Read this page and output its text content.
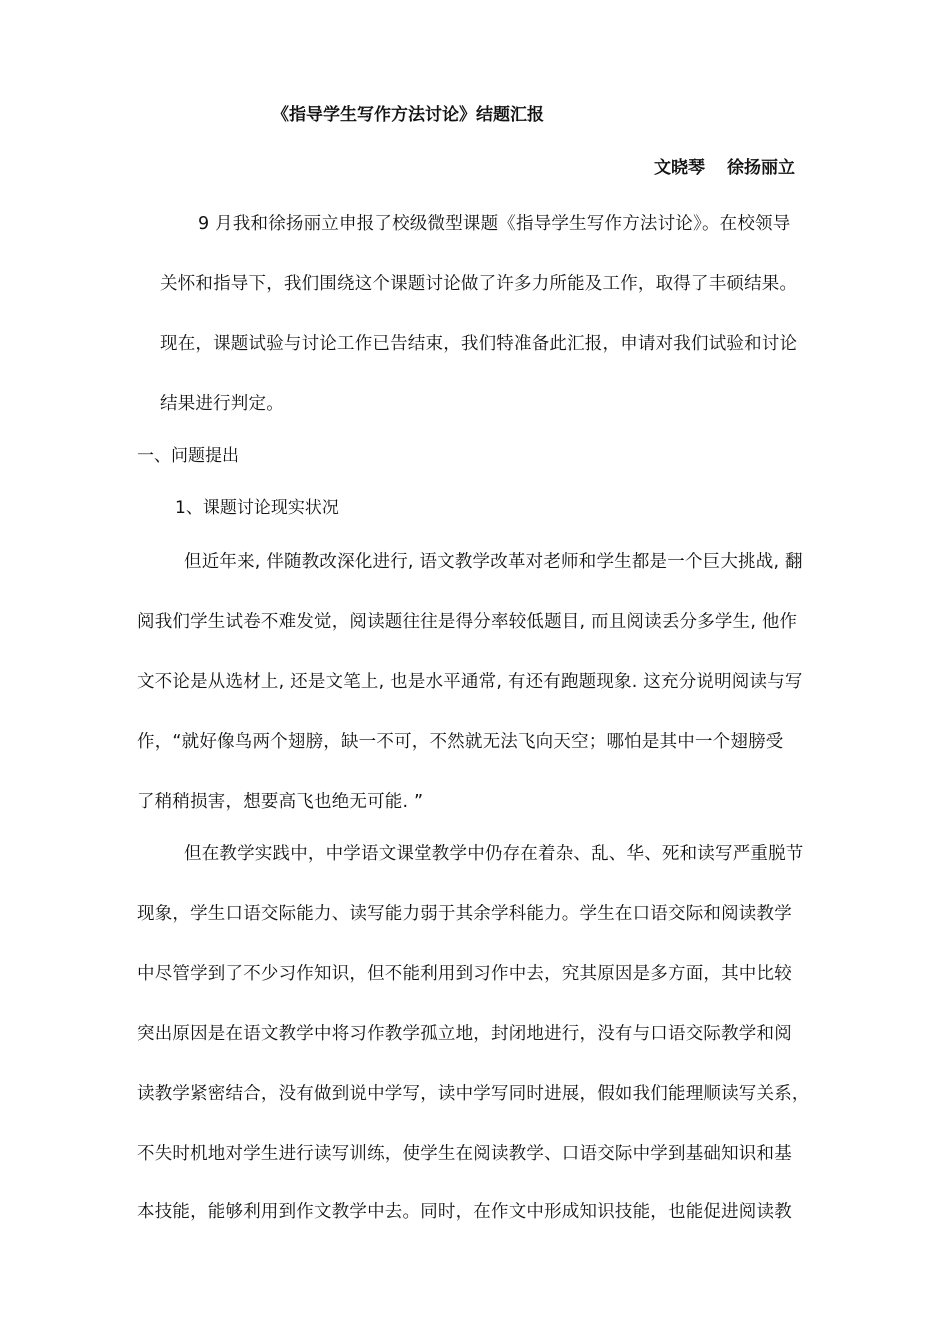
《指导学生写作方法讨论》结题汇报
文晓琴 徐扬丽立
9 月我和徐扬丽立申报了校级微型课题《指导学生写作方法讨论》。在校领导
关怀和指导下，我们围绕这个课题讨论做了许多力所能及工作，取得了丰硕结果。
现在，课题试验与讨论工作已告结束，我们特准备此汇报，申请对我们试验和讨论
结果进行判定。
一、问题提出
1、课题讨论现实状况
但近年来, 伴随教改深化进行, 语文教学改革对老师和学生都是一个巨大挑战, 翻
阅我们学生试卷不难发觉，阅读题往往是得分率较低题目, 而且阅读丢分多学生, 他作
文不论是从选材上, 还是文笔上, 也是水平通常, 有还有跑题现象. 这充分说明阅读与写
作，“就好像鸟两个翅膀，缺一不可，不然就无法飞向天空；哪怕是其中一个翅膀受
了稍稍损害，想要高飞也绝无可能. ”
但在教学实践中，中学语文课堂教学中仍存在着杂、乱、华、死和读写严重脱节
现象，学生口语交际能力、读写能力弱于其余学科能力。学生在口语交际和阅读教学
中尽管学到了不少习作知识，但不能利用到习作中去，究其原因是多方面，其中比较
突出原因是在语文教学中将习作教学孤立地，封闭地进行，没有与口语交际教学和阅
读教学紧密结合，没有做到说中学写，读中学写同时进展，假如我们能理顺读写关系，
不失时机地对学生进行读写训练，使学生在阅读教学、口语交际中学到基础知识和基
本技能，能够利用到作文教学中去。同时，在作文中形成知识技能，也能促进阅读教
